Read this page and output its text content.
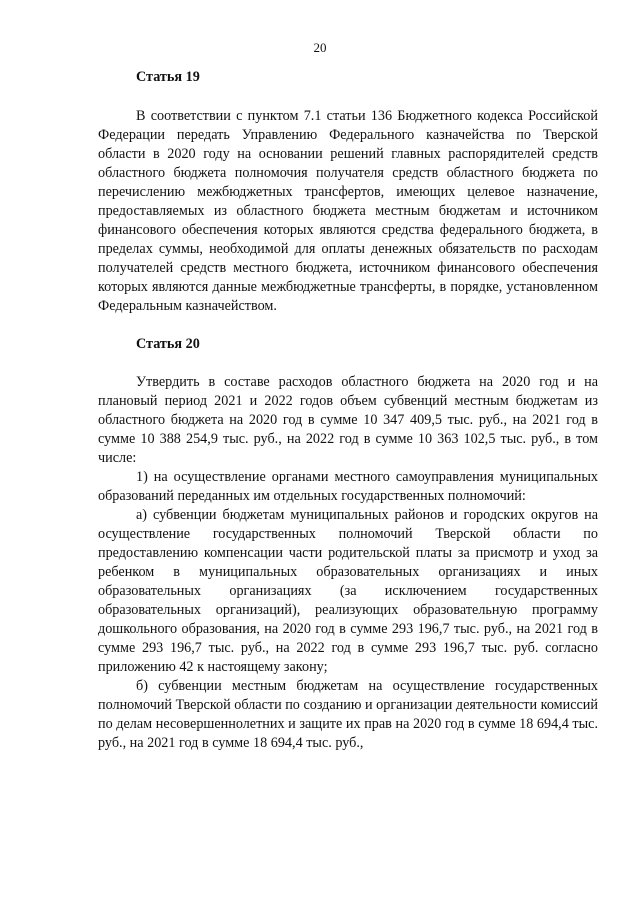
20
Статья 19

В соответствии с пунктом 7.1 статьи 136 Бюджетного кодекса Российской Федерации передать Управлению Федерального казначейства по Тверской области в 2020 году на основании решений главных распорядителей средств областного бюджета полномочия получателя средств областного бюджета по перечислению межбюджетных трансфертов, имеющих целевое назначение, предоставляемых из областного бюджета местным бюджетам и источником финансового обеспечения которых являются средства федерального бюджета, в пределах суммы, необходимой для оплаты денежных обязательств по расходам получателей средств местного бюджета, источником финансового обеспечения которых являются данные межбюджетные трансферты, в порядке, установленном Федеральным казначейством.

Статья 20

Утвердить в составе расходов областного бюджета на 2020 год и на плановый период 2021 и 2022 годов объем субвенций местным бюджетам из областного бюджета на 2020 год в сумме 10 347 409,5 тыс. руб., на 2021 год в сумме 10 388 254,9 тыс. руб., на 2022 год в сумме 10 363 102,5 тыс. руб., в том числе:

1) на осуществление органами местного самоуправления муниципальных образований переданных им отдельных государственных полномочий:

а) субвенции бюджетам муниципальных районов и городских округов на осуществление государственных полномочий Тверской области по предоставлению компенсации части родительской платы за присмотр и уход за ребенком в муниципальных образовательных организациях и иных образовательных организациях (за исключением государственных образовательных организаций), реализующих образовательную программу дошкольного образования, на 2020 год в сумме 293 196,7 тыс. руб., на 2021 год в сумме 293 196,7 тыс. руб., на 2022 год в сумме 293 196,7 тыс. руб. согласно приложению 42 к настоящему закону;

б) субвенции местным бюджетам на осуществление государственных полномочий Тверской области по созданию и организации деятельности комиссий по делам несовершеннолетних и защите их прав на 2020 год в сумме 18 694,4 тыс. руб., на 2021 год в сумме 18 694,4 тыс. руб.,
